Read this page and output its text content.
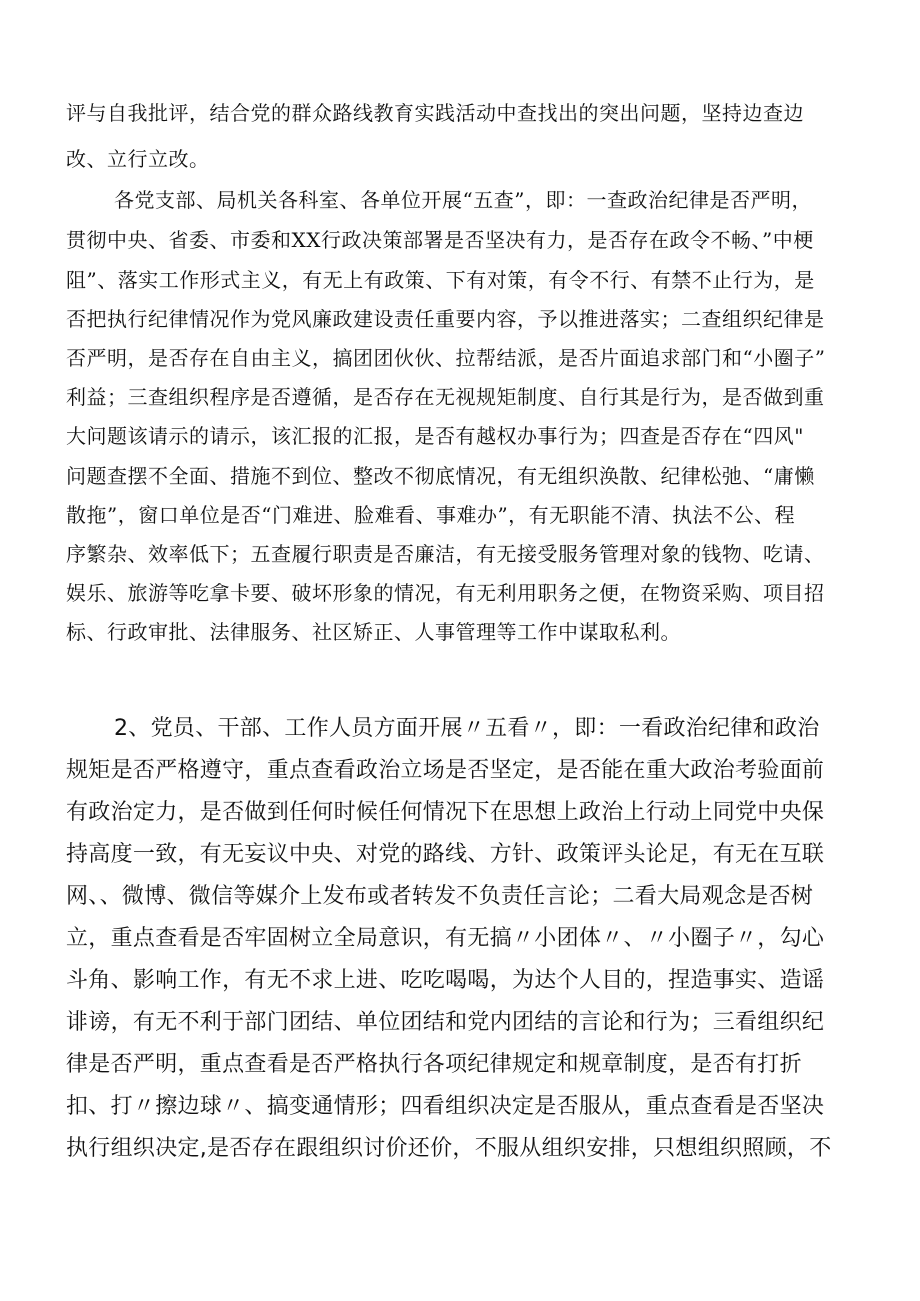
评与自我批评，结合党的群众路线教育实践活动中查找出的突出问题，坚持边查边

改、立行立改。

各党支部、局机关各科室、各单位开展“五查”，即：一查政治纪律是否严明，

贯彻中央、省委、市委和XX行政决策部署是否坚决有力，是否存在政令不畅、”中梗

阻”、落实工作形式主义，有无上有政策、下有对策，有令不行、有禁不止行为，是

否把执行纪律情况作为党风廉政建设责任重要内容，予以推进落实；二查组织纪律是

否严明，是否存在自由主义，搞团团伙伙、拉帮结派，是否片面追求部门和“小圈子”

利益；三查组织程序是否遵循，是否存在无视规矩制度、自行其是行为，是否做到重

大问题该请示的请示，该汇报的汇报，是否有越权办事行为；四查是否存在“四风"

问题查摆不全面、措施不到位、整改不彻底情况，有无组织涣散、纪律松弛、“庸懒

散拖”，窗口单位是否“门难进、脸难看、事难办”，有无职能不清、执法不公、程

序繁杂、效率低下；五查履行职责是否廉洁，有无接受服务管理对象的钱物、吃请、

娱乐、旅游等吃拿卡要、破坏形象的情况，有无利用职务之便，在物资采购、项目招

标、行政审批、法律服务、社区矫正、人事管理等工作中谋取私利。

2、党员、干部、工作人员方面开展〃五看〃，即：一看政治纪律和政治

规矩是否严格遵守，重点查看政治立场是否坚定，是否能在重大政治考验面前

有政治定力，是否做到任何时候任何情况下在思想上政治上行动上同党中央保

持高度一致，有无妄议中央、对党的路线、方针、政策评头论足，有无在互联

网、、微博、微信等媒介上发布或者转发不负责任言论；二看大局观念是否树

立，重点查看是否牢固树立全局意识，有无搞〃小团体〃、〃小圈子〃，勾心

斗角、影响工作，有无不求上进、吃吃喝喝，为达个人目的，捏造事实、造谣

诽谤，有无不利于部门团结、单位团结和党内团结的言论和行为；三看组织纪

律是否严明，重点查看是否严格执行各项纪律规定和规章制度，是否有打折

扣、打〃擦边球〃、搞变通情形；四看组织决定是否服从，重点查看是否坚决

执行组织决定,是否存在跟组织讨价还价，不服从组织安排，只想组织照顾，不
